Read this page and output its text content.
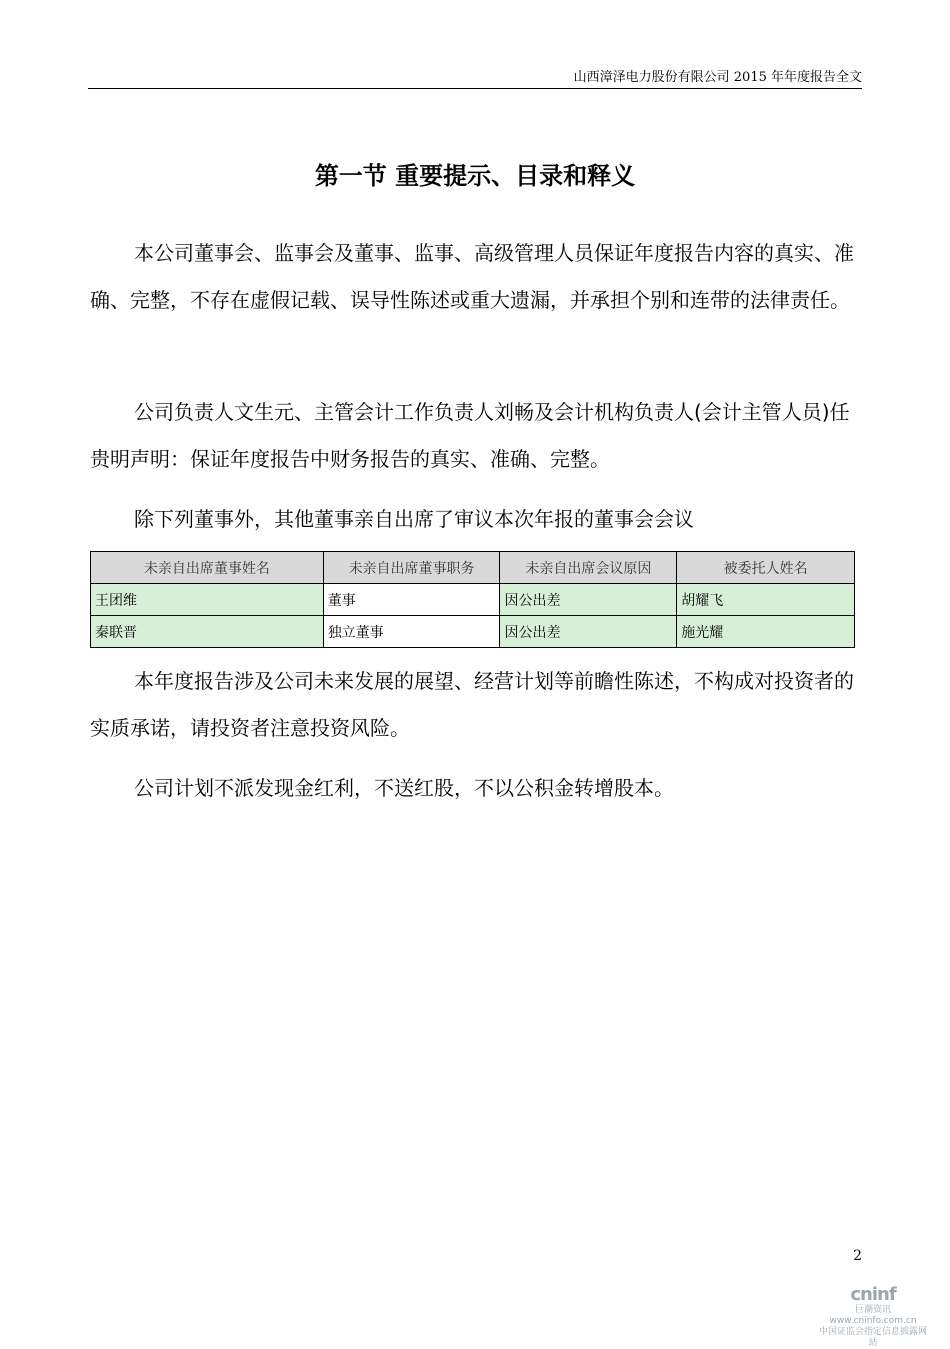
山西漳泽电力股份有限公司 2015 年年度报告全文
第一节 重要提示、目录和释义
本公司董事会、监事会及董事、监事、高级管理人员保证年度报告内容的真实、准确、完整，不存在虚假记载、误导性陈述或重大遗漏，并承担个别和连带的法律责任。
公司负责人文生元、主管会计工作负责人刘畅及会计机构负责人(会计主管人员)任贵明声明：保证年度报告中财务报告的真实、准确、完整。
除下列董事外，其他董事亲自出席了审议本次年报的董事会会议
未亲自出席董事姓名	未亲自出席董事职务	未亲自出席会议原因	被委托人姓名
王团维	董事	因公出差	胡耀飞
秦联晋	独立董事	因公出差	施光耀
本年度报告涉及公司未来发展的展望、经营计划等前瞻性陈述，不构成对投资者的实质承诺，请投资者注意投资风险。
公司计划不派发现金红利，不送红股，不以公积金转增股本。
2
cninf
巨潮资讯
www.cninfo.com.cn
中国证监会指定信息披露网站
